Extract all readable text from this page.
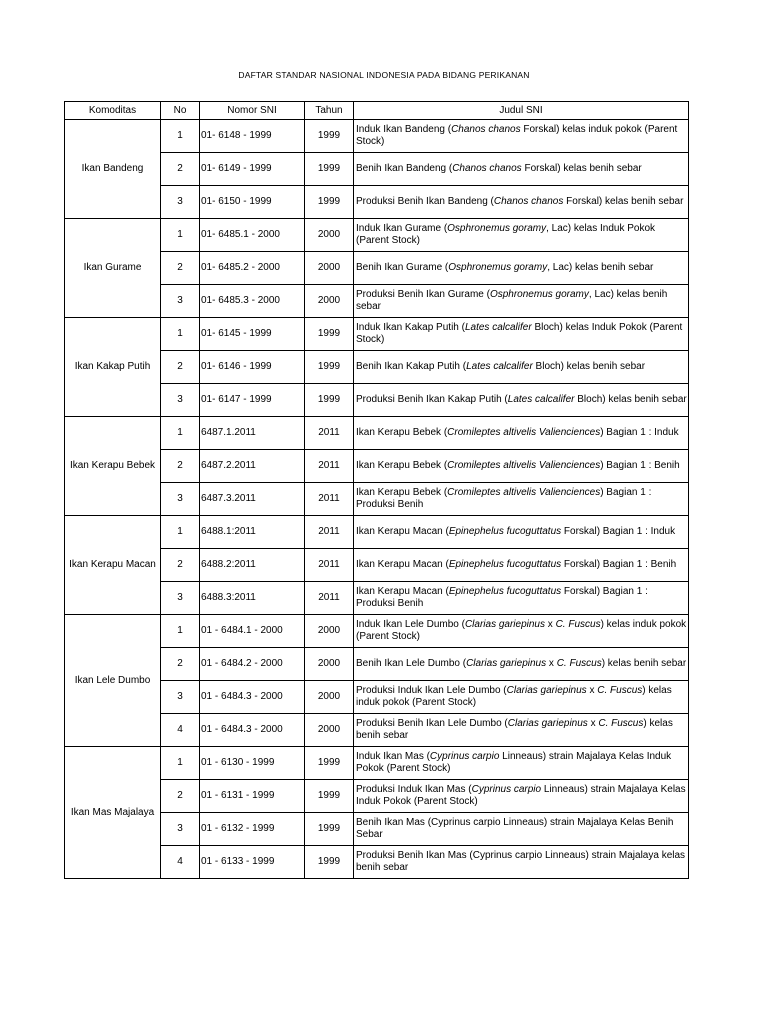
DAFTAR STANDAR NASIONAL INDONESIA PADA BIDANG PERIKANAN
Komoditas	No	Nomor SNI	Tahun	Judul SNI
Ikan Bandeng	1	01- 6148 - 1999	1999	Induk Ikan Bandeng (Chanos chanos Forskal) kelas induk pokok (Parent Stock)
	2	01- 6149 - 1999	1999	Benih Ikan Bandeng (Chanos chanos Forskal) kelas benih sebar
	3	01- 6150 - 1999	1999	Produksi Benih Ikan Bandeng (Chanos chanos Forskal) kelas benih sebar
Ikan Gurame	1	01- 6485.1 - 2000	2000	Induk Ikan Gurame (Osphronemus goramy, Lac) kelas Induk Pokok (Parent Stock)
	2	01- 6485.2 - 2000	2000	Benih Ikan Gurame (Osphronemus goramy, Lac) kelas benih sebar
	3	01- 6485.3 - 2000	2000	Produksi Benih Ikan Gurame (Osphronemus goramy, Lac) kelas benih sebar
Ikan Kakap Putih	1	01- 6145 - 1999	1999	Induk Ikan Kakap Putih (Lates calcalifer Bloch) kelas Induk Pokok (Parent Stock)
	2	01- 6146 - 1999	1999	Benih Ikan Kakap Putih (Lates calcalifer Bloch) kelas benih sebar
	3	01- 6147 - 1999	1999	Produksi Benih Ikan Kakap Putih (Lates calcalifer Bloch) kelas benih sebar
Ikan Kerapu Bebek	1	6487.1.2011	2011	Ikan Kerapu Bebek (Cromileptes altivelis Valiencienceѕ) Bagian 1 : Induk
	2	6487.2.2011	2011	Ikan Kerapu Bebek (Cromileptes altivelis Valiencienceѕ) Bagian 1 : Benih
	3	6487.3.2011	2011	Ikan Kerapu Bebek (Cromileptes altivelis Valiencienceѕ) Bagian 1 : Produksi Benih
Ikan Kerapu Macan	1	6488.1:2011	2011	Ikan Kerapu Macan (Epinephelus fucoguttatus Forskal) Bagian 1 : Induk
	2	6488.2:2011	2011	Ikan Kerapu Macan (Epinephelus fucoguttatus Forskal) Bagian 1 : Benih
	3	6488.3:2011	2011	Ikan Kerapu Macan (Epinephelus fucoguttatus Forskal) Bagian 1 : Produksi Benih
Ikan Lele Dumbo	1	01 - 6484.1 - 2000	2000	Induk Ikan Lele Dumbo (Clarias gariepinus x C. Fuscus) kelas induk pokok (Parent Stock)
	2	01 - 6484.2 - 2000	2000	Benih Ikan Lele Dumbo (Clarias gariepinus x C. Fuscus) kelas benih sebar
	3	01 - 6484.3 - 2000	2000	Produksi Induk Ikan Lele Dumbo (Clarias gariepinus x C. Fuscus) kelas induk pokok (Parent Stock)
	4	01 - 6484.3 - 2000	2000	Produksi Benih Ikan Lele Dumbo (Clarias gariepinus x C. Fuscus) kelas benih sebar
Ikan Mas Majalaya	1	01 - 6130 - 1999	1999	Induk Ikan Mas (Cyprinus carpio Linneaus) strain Majalaya Kelas Induk Pokok (Parent Stock)
	2	01 - 6131 - 1999	1999	Produksi Induk Ikan Mas (Cyprinus carpio Linneaus) strain Majalaya Kelas Induk Pokok (Parent Stock)
	3	01 - 6132 - 1999	1999	Benih Ikan Mas (Cyprinus carpio Linneaus) strain Majalaya Kelas Benih Sebar
	4	01 - 6133 - 1999	1999	Produksi Benih Ikan Mas (Cyprinus carpio Linneaus) strain Majalaya kelas benih sebar
